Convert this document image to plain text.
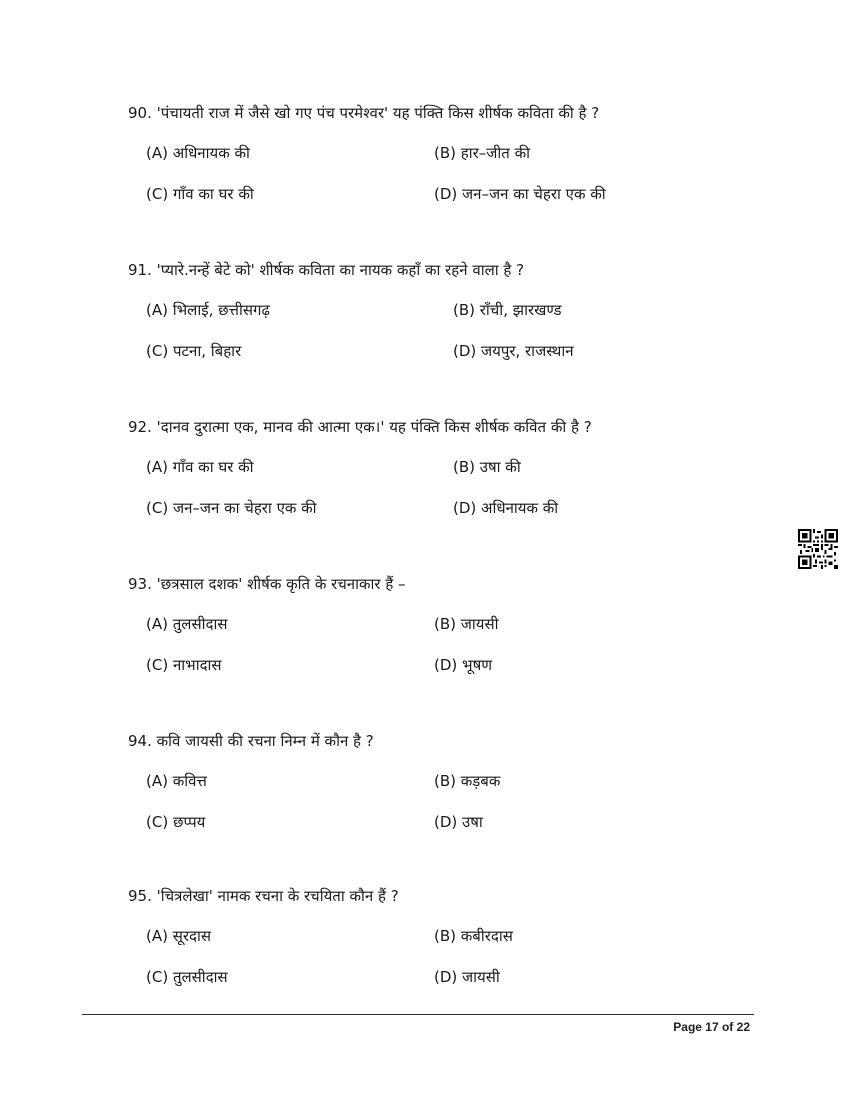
90. 'पंचायती राज में जैसे खो गए पंच परमेश्वर' यह पंक्ति किस शीर्षक कविता की है ?
(A) अधिनायक की	(B) हार–जीत की
(C) गाँव का घर की	(D) जन–जन का चेहरा एक की
91. 'प्यारे.नन्हें बेटे को' शीर्षक कविता का नायक कहाँ का रहने वाला है ?
(A) भिलाई, छत्तीसगढ़	(B) राँची, झारखण्ड
(C) पटना, बिहार	(D) जयपुर, राजस्थान
92. 'दानव दुरात्मा एक, मानव की आत्मा एक।' यह पंक्ति किस शीर्षक कवित की है ?
(A) गाँव का घर की	(B) उषा की
(C) जन–जन का चेहरा एक की	(D) अधिनायक की
93. 'छत्रसाल दशक' शीर्षक कृति के रचनाकार हैं –
(A) तुलसीदास	(B) जायसी
(C) नाभादास	(D) भूषण
94. कवि जायसी की रचना निम्न में कौन है ?
(A) कवित्त	(B) कड़बक
(C) छप्पय	(D) उषा
95. 'चित्रलेखा' नामक रचना के रचयिता कौन हैं ?
(A) सूरदास	(B) कबीरदास
(C) तुलसीदास	(D) जायसी
Page 17 of 22
